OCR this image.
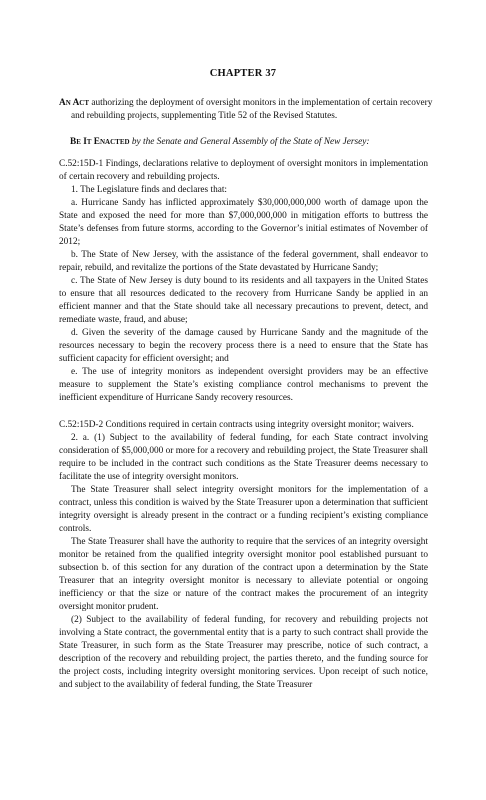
CHAPTER 37
An Act authorizing the deployment of oversight monitors in the implementation of certain recovery and rebuilding projects, supplementing Title 52 of the Revised Statutes.
Be It Enacted by the Senate and General Assembly of the State of New Jersey:

C.52:15D-1 Findings, declarations relative to deployment of oversight monitors in implementation of certain recovery and rebuilding projects.

1. The Legislature finds and declares that:

a. Hurricane Sandy has inflicted approximately $30,000,000,000 worth of damage upon the State and exposed the need for more than $7,000,000,000 in mitigation efforts to buttress the State’s defenses from future storms, according to the Governor’s initial estimates of November of 2012;

b. The State of New Jersey, with the assistance of the federal government, shall endeavor to repair, rebuild, and revitalize the portions of the State devastated by Hurricane Sandy;

c. The State of New Jersey is duty bound to its residents and all taxpayers in the United States to ensure that all resources dedicated to the recovery from Hurricane Sandy be applied in an efficient manner and that the State should take all necessary precautions to prevent, detect, and remediate waste, fraud, and abuse;

d. Given the severity of the damage caused by Hurricane Sandy and the magnitude of the resources necessary to begin the recovery process there is a need to ensure that the State has sufficient capacity for efficient oversight; and

e. The use of integrity monitors as independent oversight providers may be an effective measure to supplement the State’s existing compliance control mechanisms to prevent the inefficient expenditure of Hurricane Sandy recovery resources.

C.52:15D-2 Conditions required in certain contracts using integrity oversight monitor; waivers.

2. a. (1) Subject to the availability of federal funding, for each State contract involving consideration of $5,000,000 or more for a recovery and rebuilding project, the State Treasurer shall require to be included in the contract such conditions as the State Treasurer deems necessary to facilitate the use of integrity oversight monitors.

The State Treasurer shall select integrity oversight monitors for the implementation of a contract, unless this condition is waived by the State Treasurer upon a determination that sufficient integrity oversight is already present in the contract or a funding recipient’s existing compliance controls.

The State Treasurer shall have the authority to require that the services of an integrity oversight monitor be retained from the qualified integrity oversight monitor pool established pursuant to subsection b. of this section for any duration of the contract upon a determination by the State Treasurer that an integrity oversight monitor is necessary to alleviate potential or ongoing inefficiency or that the size or nature of the contract makes the procurement of an integrity oversight monitor prudent.

(2) Subject to the availability of federal funding, for recovery and rebuilding projects not involving a State contract, the governmental entity that is a party to such contract shall provide the State Treasurer, in such form as the State Treasurer may prescribe, notice of such contract, a description of the recovery and rebuilding project, the parties thereto, and the funding source for the project costs, including integrity oversight monitoring services. Upon receipt of such notice, and subject to the availability of federal funding, the State Treasurer
